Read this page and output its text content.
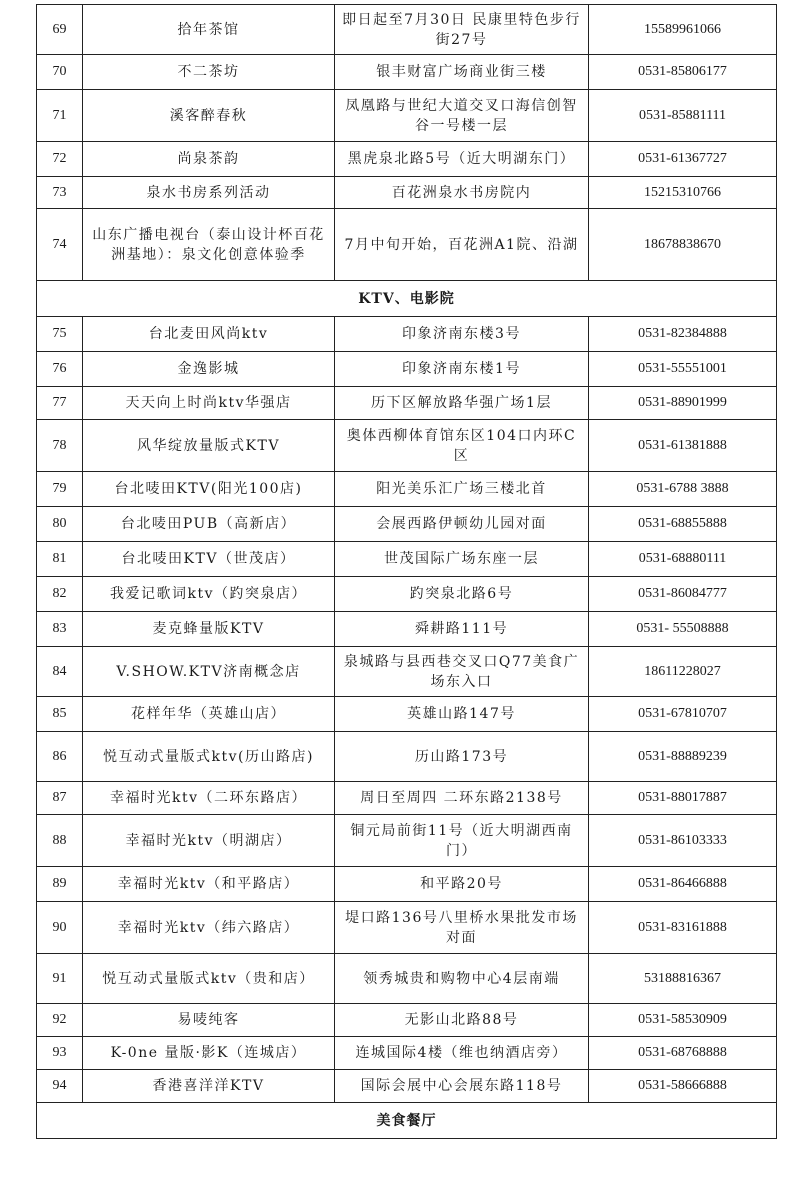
69	拾年茶馆	即日起至7月30日 民康里特色步行街27号	15589961066
70	不二茶坊	银丰财富广场商业街三楼	0531-85806177
71	溪客醉春秋	凤凰路与世纪大道交叉口海信创智谷一号楼一层	0531-85881111
72	尚泉茶韵	黑虎泉北路5号（近大明湖东门）	0531-61367727
73	泉水书房系列活动	百花洲泉水书房院内	15215310766
74	山东广播电视台（泰山设计杯百花洲基地）：泉文化创意体验季	7月中旬开始，百花洲A1院、沿湖	18678838670
KTV、电影院			
75	台北麦田风尚ktv	印象济南东楼3号	0531-82384888
76	金逸影城	印象济南东楼1号	0531-55551001
77	天天向上时尚ktv华强店	历下区解放路华强广场1层	0531-88901999
78	风华绽放量版式KTV	奥体西柳体育馆东区104口内环C区	0531-61381888
79	台北唛田KTV(阳光100店)	阳光美乐汇广场三楼北首	0531-6788 3888
80	台北唛田PUB（高新店）	会展西路伊顿幼儿园对面	0531-68855888
81	台北唛田KTV（世茂店）	世茂国际广场东座一层	0531-68880111
82	我爱记歌词ktv（趵突泉店）	趵突泉北路6号	0531-86084777
83	麦克蜂量版KTV	舜耕路111号	0531- 55508888
84	V.SHOW.KTV济南概念店	泉城路与县西巷交叉口Q77美食广场东入口	18611228027
85	花样年华（英雄山店）	英雄山路147号	0531-67810707
86	悦互动式量版式ktv(历山路店)	历山路173号	0531-88889239
87	幸福时光ktv（二环东路店）	周日至周四 二环东路2138号	0531-88017887
88	幸福时光ktv（明湖店）	铜元局前街11号（近大明湖西南门）	0531-86103333
89	幸福时光ktv（和平路店）	和平路20号	0531-86466888
90	幸福时光ktv（纬六路店）	堤口路136号八里桥水果批发市场对面	0531-83161888
91	悦互动式量版式ktv（贵和店）	领秀城贵和购物中心4层南端	53188816367
92	易唛纯客	无影山北路88号	0531-58530909
93	K-0ne 量版·影K（连城店）	连城国际4楼（维也纳酒店旁）	0531-68768888
94	香港喜洋洋KTV	国际会展中心会展东路118号	0531-58666888
美食餐厅			
